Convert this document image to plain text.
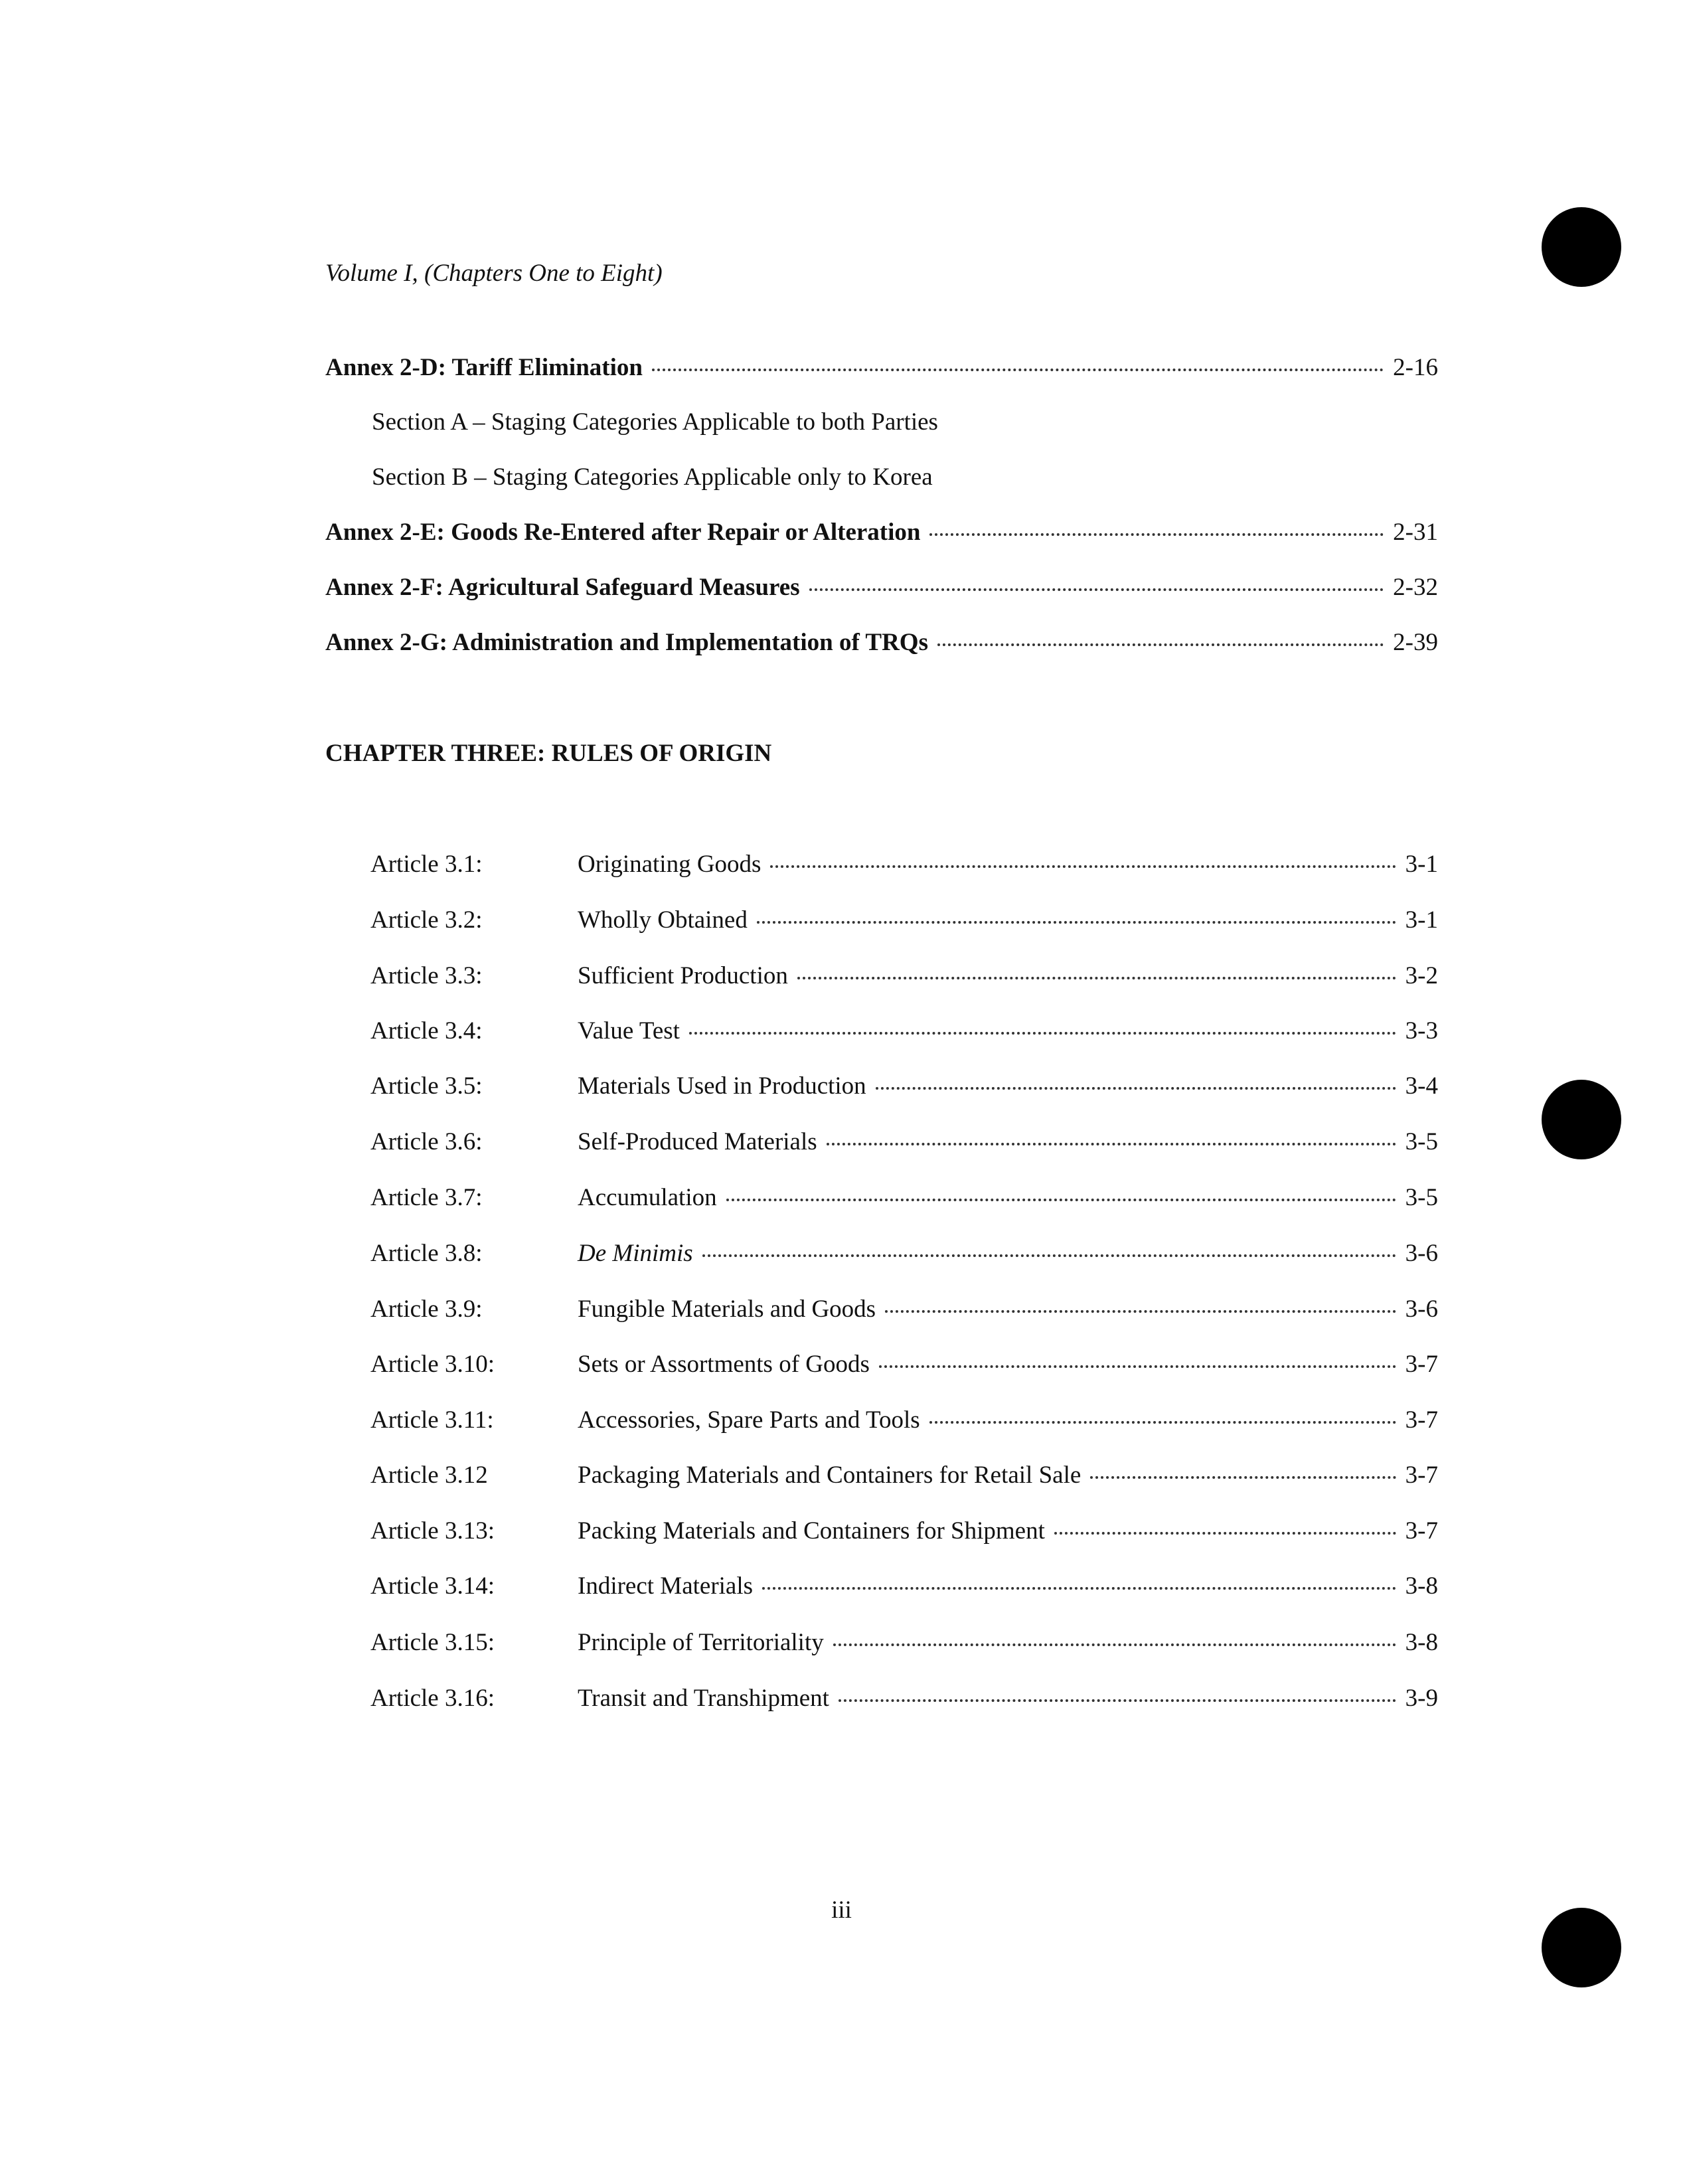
Volume I, (Chapters One to Eight)
Annex 2-D: Tariff Elimination	2-16
Section A – Staging Categories Applicable to both Parties
Section B – Staging Categories Applicable only to Korea
Annex 2-E: Goods Re-Entered after Repair or Alteration	2-31
Annex 2-F: Agricultural Safeguard Measures	2-32
Annex 2-G: Administration and Implementation of TRQs	2-39
CHAPTER THREE: RULES OF ORIGIN
Article 3.1:	Originating Goods	3-1
Article 3.2:	Wholly Obtained	3-1
Article 3.3:	Sufficient Production	3-2
Article 3.4:	Value Test	3-3
Article 3.5:	Materials Used in Production	3-4
Article 3.6:	Self-Produced Materials	3-5
Article 3.7:	Accumulation	3-5
Article 3.8:	De Minimis	3-6
Article 3.9:	Fungible Materials and Goods	3-6
Article 3.10:	Sets or Assortments of Goods	3-7
Article 3.11:	Accessories, Spare Parts and Tools	3-7
Article 3.12	Packaging Materials and Containers for Retail Sale	3-7
Article 3.13:	Packing Materials and Containers for Shipment	3-7
Article 3.14:	Indirect Materials	3-8
Article 3.15:	Principle of Territoriality	3-8
Article 3.16:	Transit and Transhipment	3-9
iii
